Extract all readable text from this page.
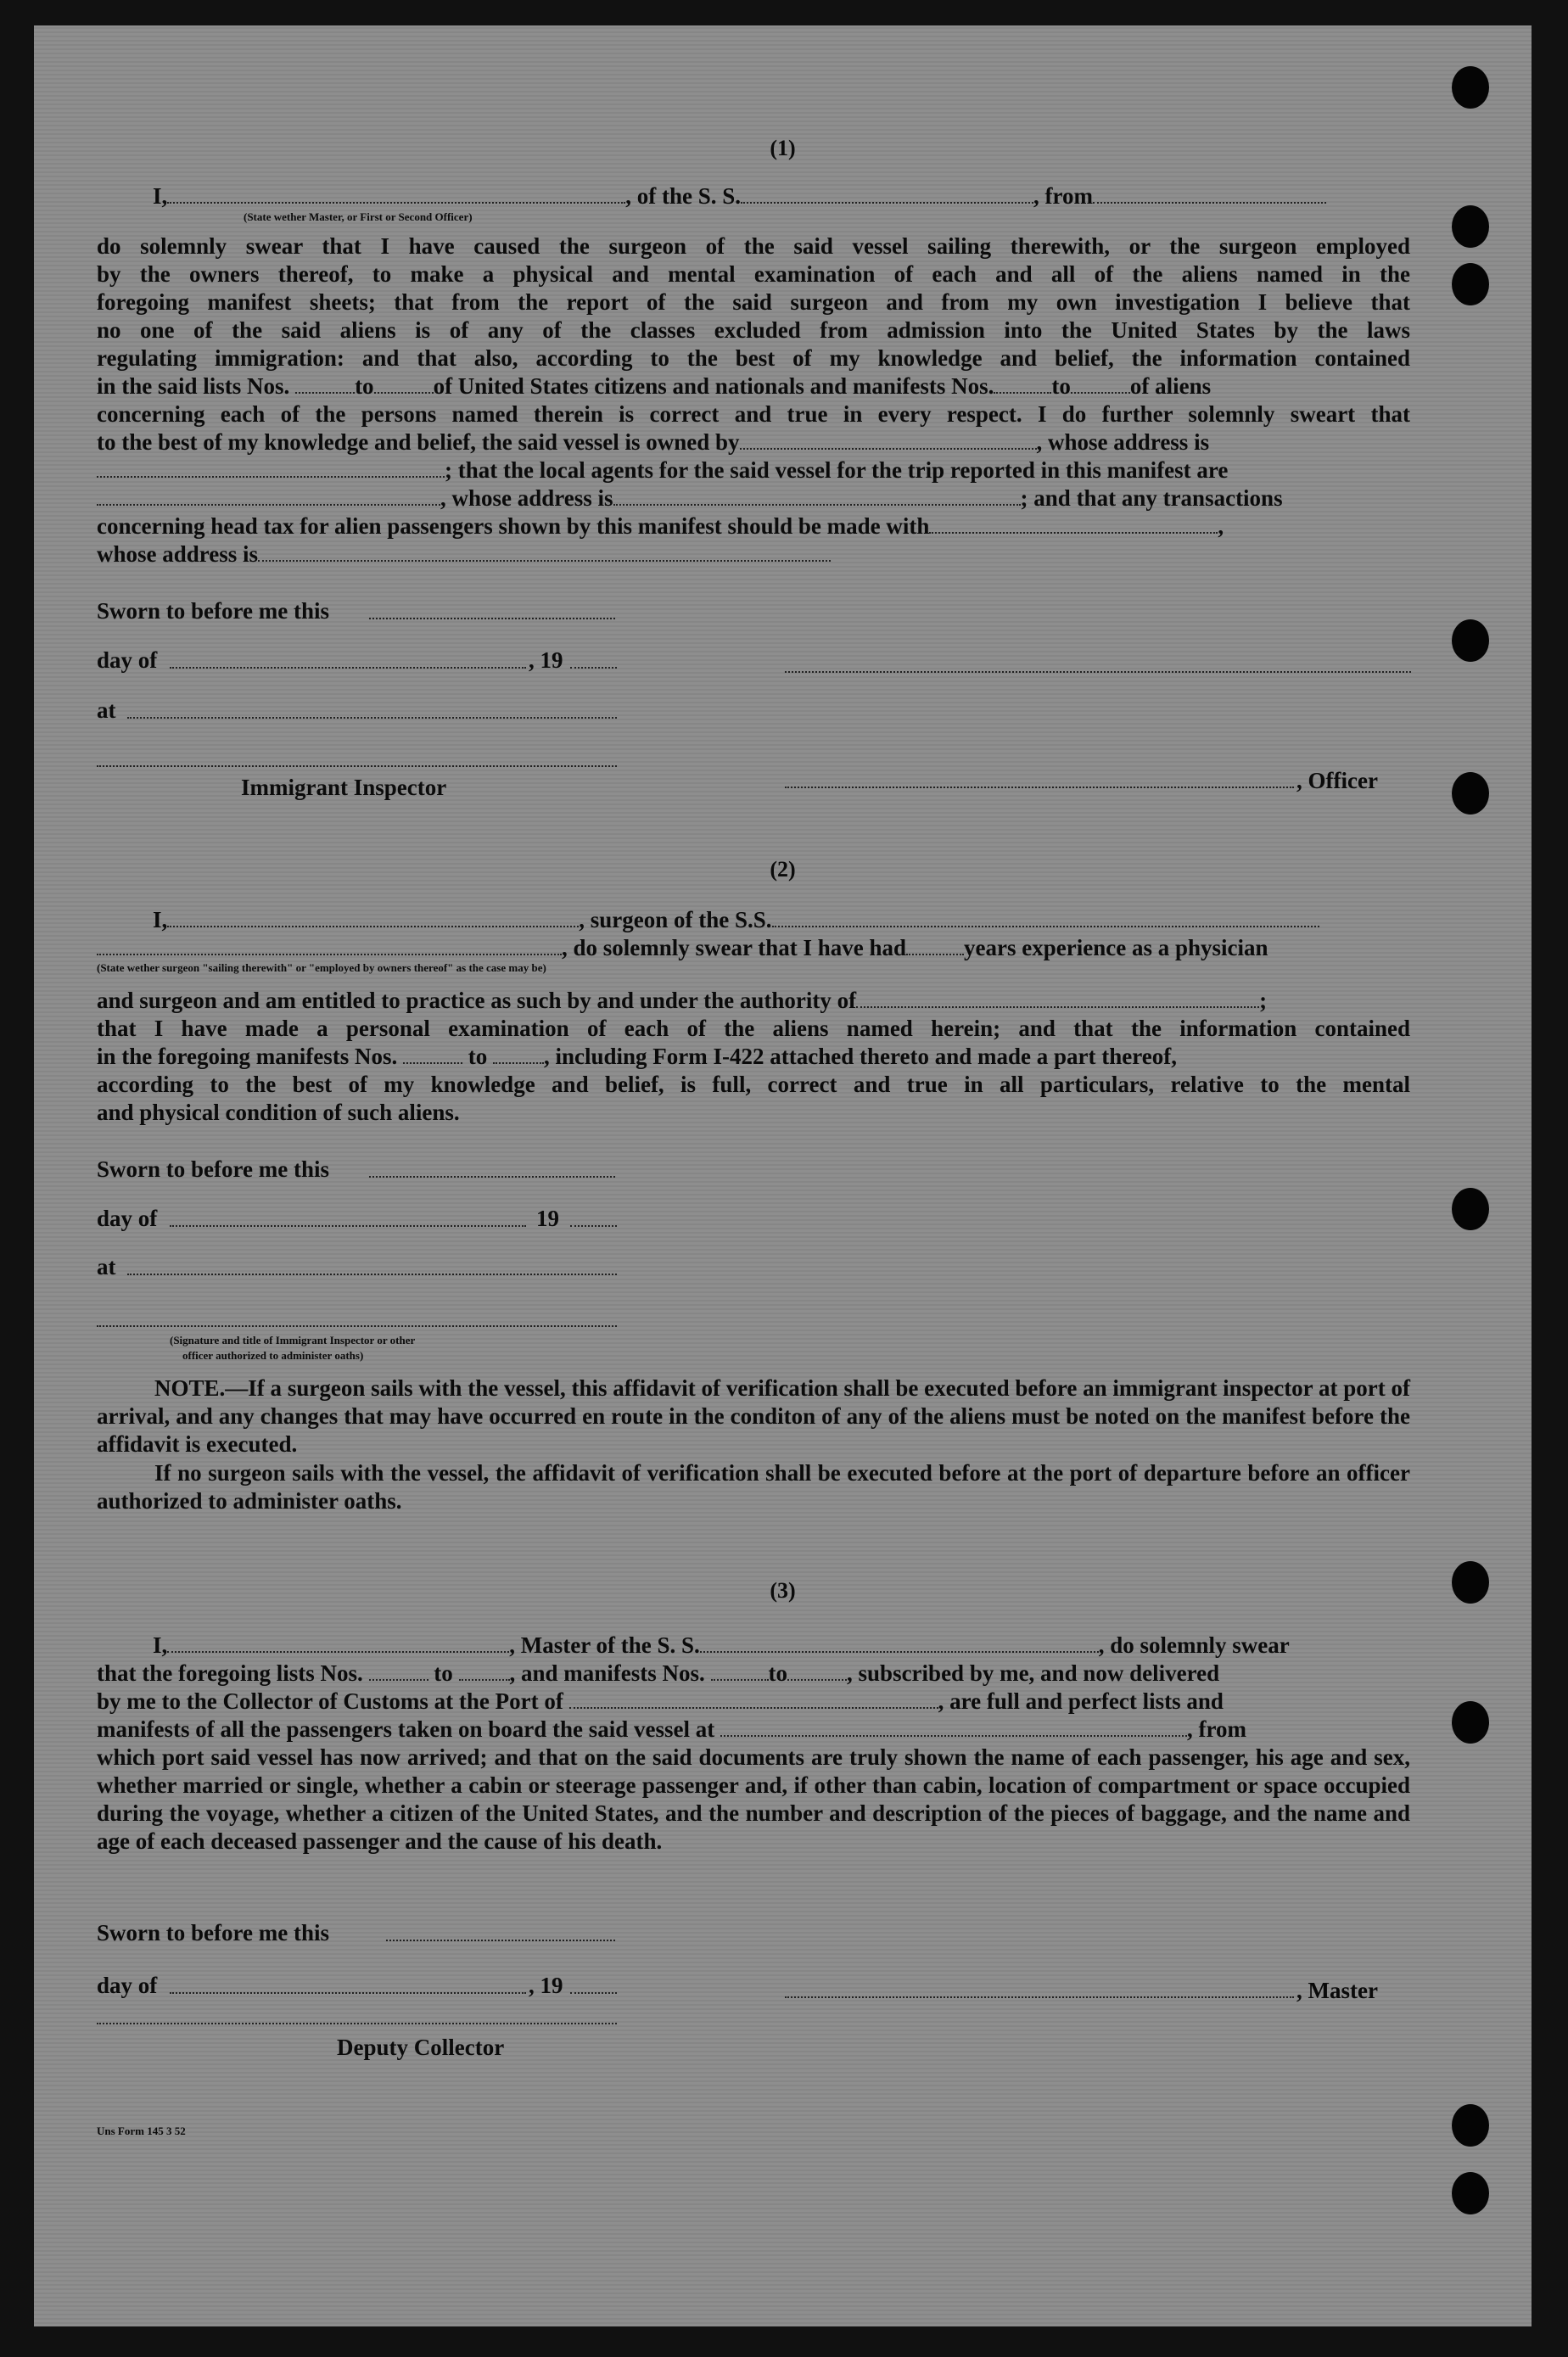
(1)
I,	, of the S. S.	, from
(State wether Master, or First or Second Officer)
do solemnly swear that I have caused the surgeon of the said vessel sailing therewith, or the surgeon employed
by the owners thereof, to make a physical and mental examination of each and all of the aliens named in the
foregoing manifest sheets; that from the report of the said surgeon and from my own investigation I believe that
no one of the said aliens is of any of the classes excluded from admission into the United States by the laws
regulating immigration: and that also, according to the best of my knowledge and belief, the information contained
in the said lists Nos.	to	of United States citizens and nationals and manifests Nos.	to	of aliens
concerning each of the persons named therein is correct and true in every respect. I do further solemnly sweart that
to the best of my knowledge and belief, the said vessel is owned by	, whose address is
; that the local agents for the said vessel for the trip reported in this manifest are
, whose address is	; and that any transactions
concerning head tax for alien passengers shown by this manifest should be made with	,
whose address is
Sworn to before me this
day of	, 19
at
Immigrant Inspector	, Officer
(2)
I,	, surgeon of the S.S.
, do solemnly swear that I have had	years experience as a physician
(State wether surgeon "sailing therewith" or "employed by owners thereof" as the case may be)
and surgeon and am entitled to practice as such by and under the authority of	;
that I have made a personal examination of each of the aliens named herein; and that the information contained
in the foregoing manifests Nos.	to , including Form I-422 attached thereto and made a part thereof,
according to the best of my knowledge and belief, is full, correct and true in all particulars, relative to the mental
and physical condition of such aliens.
Sworn to before me this
day of	19
at
(Signature and title of Immigrant Inspector or other
officer authorized to administer oaths)
NOTE.—If a surgeon sails with the vessel, this affidavit of verification shall be executed before an immigrant inspector at port of arrival, and any changes that may have occurred en route in the conditon of any of the aliens must be noted on the manifest before the affidavit is executed.
If no surgeon sails with the vessel, the affidavit of verification shall be executed before at the port of departure before an officer authorized to administer oaths.
(3)
I,	, Master of the S. S.	, do solemnly swear
that the foregoing lists Nos.	to , and manifests Nos.	to	, subscribed by me, and now delivered
by me to the Collector of Customs at the Port of	, are full and perfect lists and
manifests of all the passengers taken on board the said vessel at	, from
which port said vessel has now arrived; and that on the said documents are truly shown the name of each passenger, his age and sex, whether married or single, whether a cabin or steerage passenger and, if other than cabin, location of compartment or space occupied during the voyage, whether a citizen of the United States, and the number and description of the pieces of baggage, and the name and age of each deceased passenger and the cause of his death.
Sworn to before me this
day of	, 19	, Master
Deputy Collector
Uns Form 145 3 52
